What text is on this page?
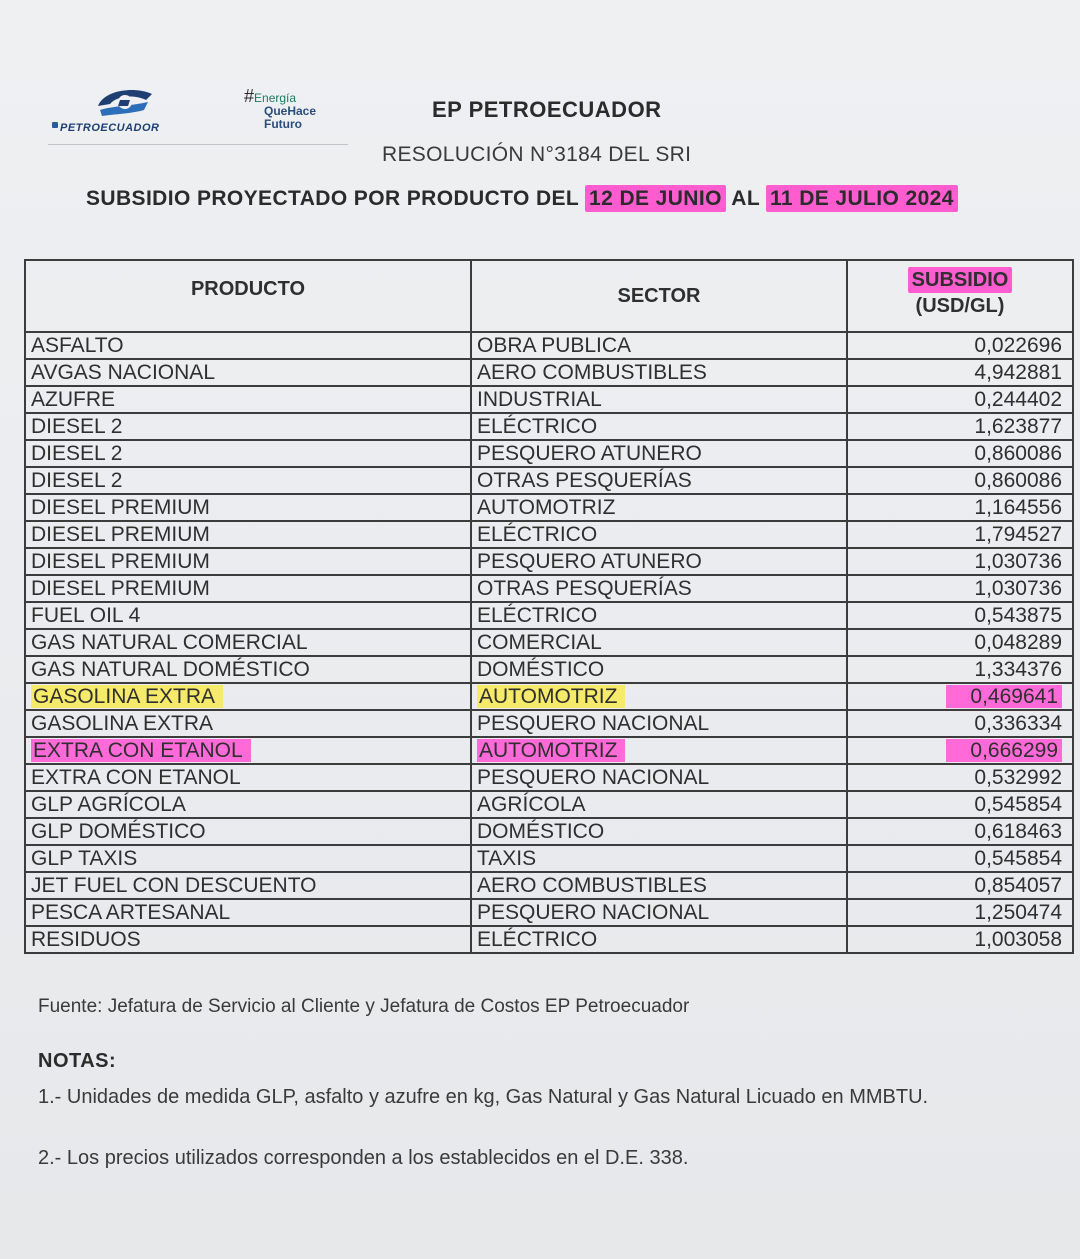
PETROECUADOR
#Energía
QueHace
Futuro
EP PETROECUADOR
RESOLUCIÓN N°3184 DEL SRI
SUBSIDIO PROYECTADO POR PRODUCTO DEL 12 DE JUNIO AL 11 DE JULIO 2024
PRODUCTO	SECTOR	SUBSIDIO
(USD/GL)
ASFALTO	OBRA PUBLICA	0,022696
AVGAS NACIONAL	AERO COMBUSTIBLES	4,942881
AZUFRE	INDUSTRIAL	0,244402
DIESEL 2	ELÉCTRICO	1,623877
DIESEL 2	PESQUERO ATUNERO	0,860086
DIESEL 2	OTRAS PESQUERÍAS	0,860086
DIESEL PREMIUM	AUTOMOTRIZ	1,164556
DIESEL PREMIUM	ELÉCTRICO	1,794527
DIESEL PREMIUM	PESQUERO ATUNERO	1,030736
DIESEL PREMIUM	OTRAS PESQUERÍAS	1,030736
FUEL OIL 4	ELÉCTRICO	0,543875
GAS NATURAL COMERCIAL	COMERCIAL	0,048289
GAS NATURAL DOMÉSTICO	DOMÉSTICO	1,334376
GASOLINA EXTRA	AUTOMOTRIZ	0,469641
GASOLINA EXTRA	PESQUERO NACIONAL	0,336334
EXTRA CON ETANOL	AUTOMOTRIZ	0,666299
EXTRA CON ETANOL	PESQUERO NACIONAL	0,532992
GLP AGRÍCOLA	AGRÍCOLA	0,545854
GLP DOMÉSTICO	DOMÉSTICO	0,618463
GLP TAXIS	TAXIS	0,545854
JET FUEL CON DESCUENTO	AERO COMBUSTIBLES	0,854057
PESCA ARTESANAL	PESQUERO NACIONAL	1,250474
RESIDUOS	ELÉCTRICO	1,003058
Fuente: Jefatura de Servicio al Cliente y Jefatura de Costos EP Petroecuador
NOTAS:
1.- Unidades de medida GLP, asfalto y azufre en kg, Gas Natural y Gas Natural Licuado en MMBTU.
2.- Los precios utilizados corresponden a los establecidos en el D.E. 338.
